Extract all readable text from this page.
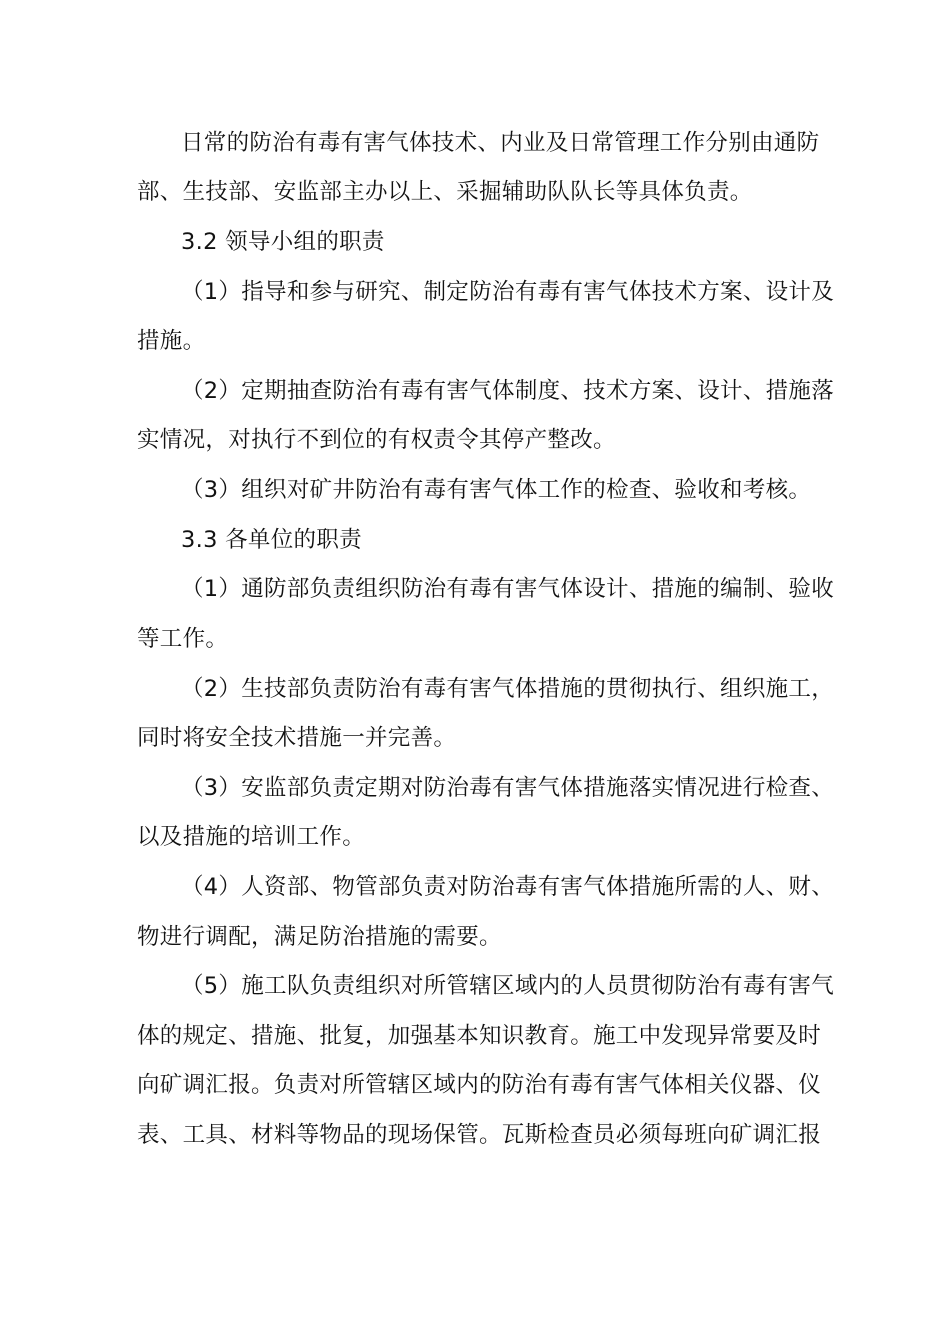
日常的防治有毒有害气体技术、内业及日常管理工作分别由通防
部、生技部、安监部主办以上、采掘辅助队队长等具体负责。
3.2 领导小组的职责
（1）指导和参与研究、制定防治有毒有害气体技术方案、设计及
措施。
（2）定期抽查防治有毒有害气体制度、技术方案、设计、措施落
实情况，对执行不到位的有权责令其停产整改。
（3）组织对矿井防治有毒有害气体工作的检查、验收和考核。
3.3 各单位的职责
（1）通防部负责组织防治有毒有害气体设计、措施的编制、验收
等工作。
（2）生技部负责防治有毒有害气体措施的贯彻执行、组织施工，
同时将安全技术措施一并完善。
（3）安监部负责定期对防治毒有害气体措施落实情况进行检查、
以及措施的培训工作。
（4）人资部、物管部负责对防治毒有害气体措施所需的人、财、
物进行调配，满足防治措施的需要。
（5）施工队负责组织对所管辖区域内的人员贯彻防治有毒有害气
体的规定、措施、批复，加强基本知识教育。施工中发现异常要及时
向矿调汇报。负责对所管辖区域内的防治有毒有害气体相关仪器、仪
表、工具、材料等物品的现场保管。瓦斯检查员必须每班向矿调汇报
